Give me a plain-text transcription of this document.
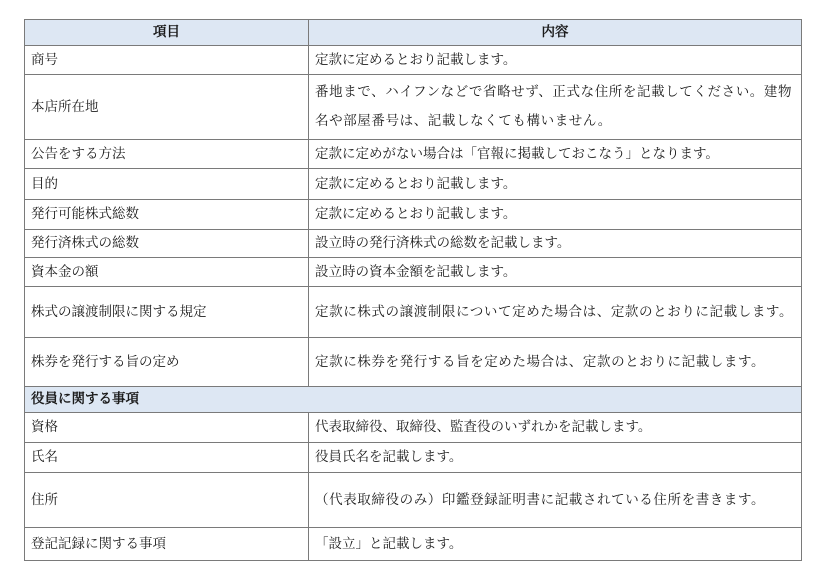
項目	内容
商号	定款に定めるとおり記載します。
本店所在地	番地まで、ハイフンなどで省略せず、正式な住所を記載してください。建物名や部屋番号は、記載しなくても構いません。
公告をする方法	定款に定めがない場合は「官報に掲載しておこなう」となります。
目的	定款に定めるとおり記載します。
発行可能株式総数	定款に定めるとおり記載します。
発行済株式の総数	設立時の発行済株式の総数を記載します。
資本金の額	設立時の資本金額を記載します。
株式の譲渡制限に関する規定	定款に株式の譲渡制限について定めた場合は、定款のとおりに記載します。
株券を発行する旨の定め	定款に株券を発行する旨を定めた場合は、定款のとおりに記載します。
役員に関する事項	
資格	代表取締役、取締役、監査役のいずれかを記載します。
氏名	役員氏名を記載します。
住所	（代表取締役のみ）印鑑登録証明書に記載されている住所を書きます。
登記記録に関する事項	「設立」と記載します。
